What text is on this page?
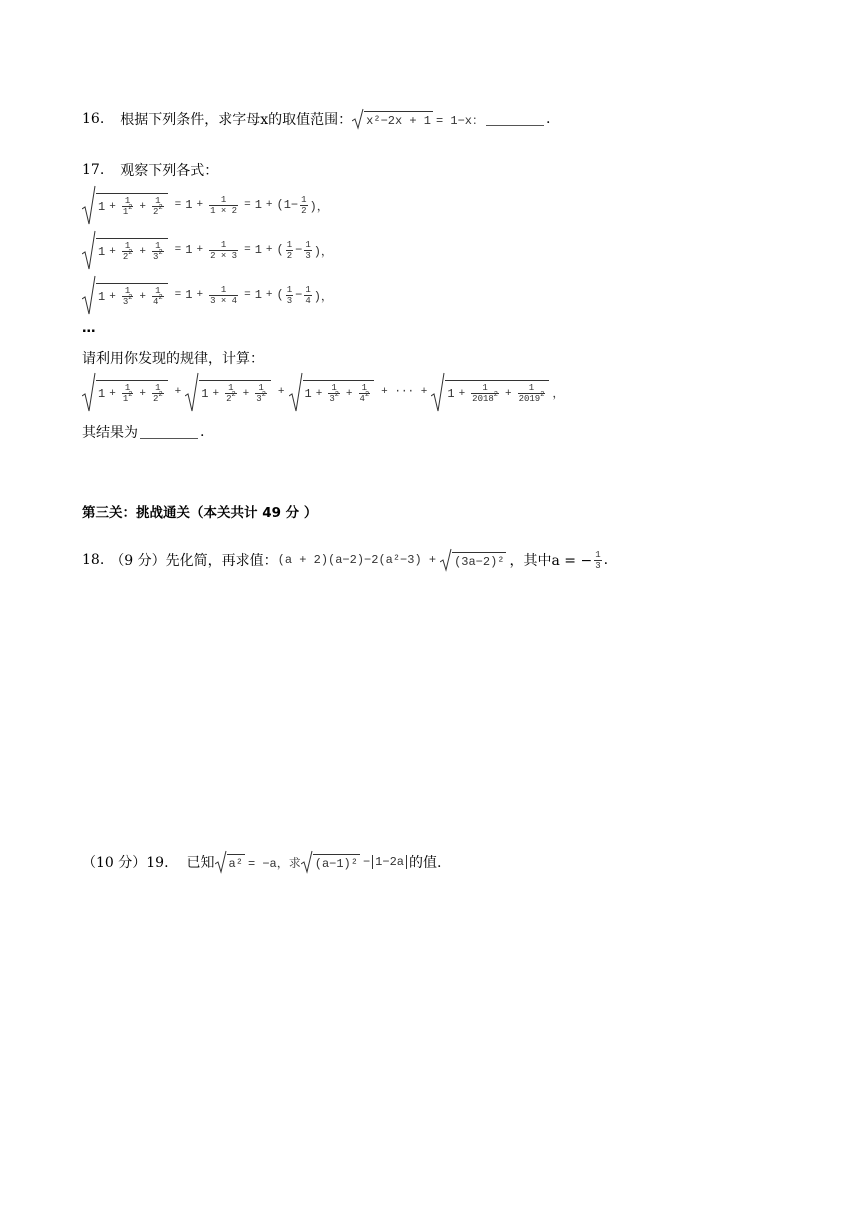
16. 根据下列条件，求字母x的取值范围： x²−2x + 1 = 1−x：	.
17. 观察下列各式：
$1 + \frac{1}{1^2} + \frac{1}{2^2} = 1 + \frac{1}{1 \times 2} = 1 + (1- \frac{1}{2}$ )，
$1 + \frac{1}{2^2} + \frac{1}{3^2} = 1 + \frac{1}{2 \times 3} = 1$ + ( $\frac{1}{2} - \frac{1}{3}$ )，
$1 + \frac{1}{3^2} + \frac{1}{4^2} = 1 + \frac{1}{3 \times 4} = 1$ + ( $\frac{1}{3} - \frac{1}{4}$ )，
…
请利用你发现的规律，计算：
$1 + \frac{1}{1^2} + \frac{1}{2^2} + 1 + \frac{1}{2^2} + \frac{1}{3^2} + 1 + \frac{1}{3^2} + \frac{1}{4^2}$ + ··· + $1 + \frac{1}{2018^2} + \frac{1}{2019^2}$ ，
其结果为	.
第三关：挑战通关（本关共计 49 分 ）
18. （9 分）先化简，再求值： (a + 2)(a−2)−2(a²−3) + (3a−2)² ，其中a = − $\frac{1}{3}$ .
（10 分）19. 已知 a² = −a，求 (a−1)² − 1−2a 的值.
